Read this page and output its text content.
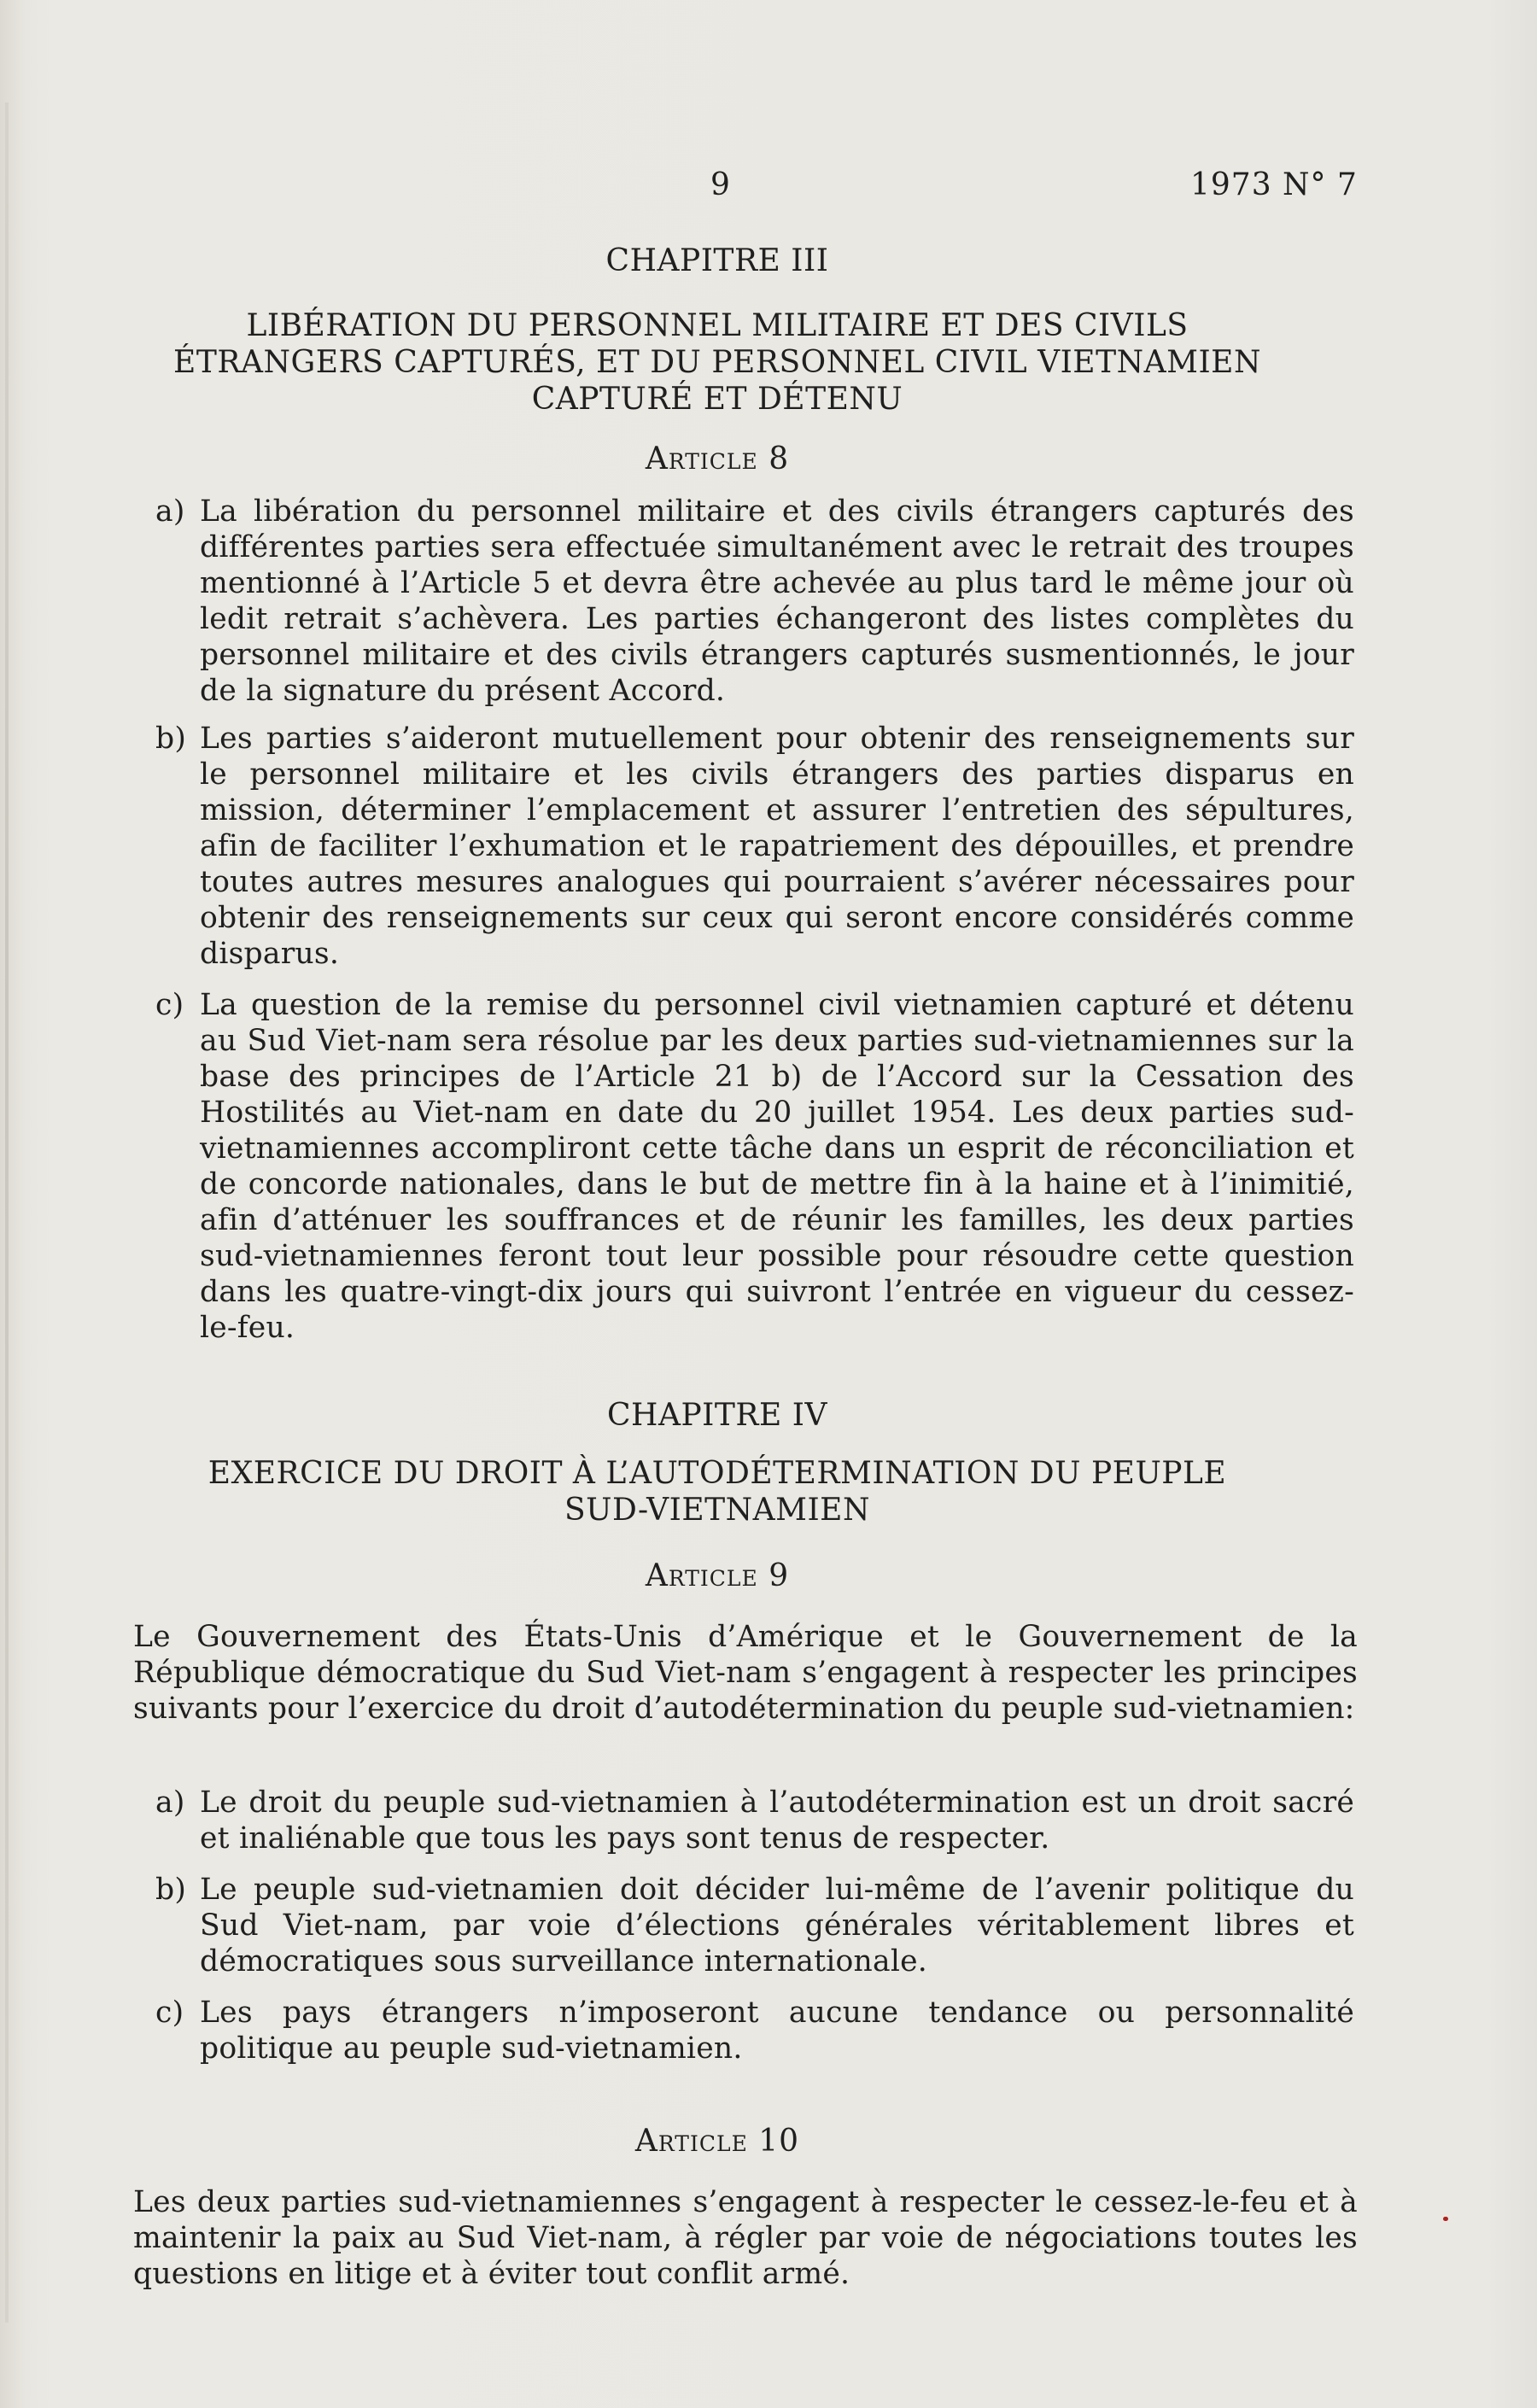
9	1973 N° 7
CHAPITRE III
LIBÉRATION DU PERSONNEL MILITAIRE ET DES CIVILS
ÉTRANGERS CAPTURÉS, ET DU PERSONNEL CIVIL VIETNAMIEN
CAPTURÉ ET DÉTENU
Article 8
a) La libération du personnel militaire et des civils étrangers capturés des différentes parties sera effectuée simultanément avec le retrait des troupes mentionné à l’Article 5 et devra être achevée au plus tard le même jour où ledit retrait s’achèvera. Les parties échangeront des listes complètes du personnel militaire et des civils étrangers capturés susmentionnés, le jour de la signature du présent Accord.
b) Les parties s’aideront mutuellement pour obtenir des renseignements sur le personnel militaire et les civils étrangers des parties disparus en mission, déterminer l’emplacement et assurer l’entretien des sépultures, afin de faciliter l’exhumation et le rapatriement des dépouilles, et prendre toutes autres mesures analogues qui pourraient s’avérer nécessaires pour obtenir des renseignements sur ceux qui seront encore considérés comme disparus.
c) La question de la remise du personnel civil vietnamien capturé et détenu au Sud Viet-nam sera résolue par les deux parties sud-vietnamiennes sur la base des principes de l’Article 21 b) de l’Accord sur la Cessation des Hostilités au Viet-nam en date du 20 juillet 1954. Les deux parties sud-vietnamiennes accompliront cette tâche dans un esprit de réconciliation et de concorde nationales, dans le but de mettre fin à la haine et à l’inimitié, afin d’atténuer les souffrances et de réunir les familles, les deux parties sud-vietnamiennes feront tout leur possible pour résoudre cette question dans les quatre-vingt-dix jours qui suivront l’entrée en vigueur du cessez-le-feu.
CHAPITRE IV
EXERCICE DU DROIT À L’AUTODÉTERMINATION DU PEUPLE
SUD-VIETNAMIEN
Article 9
Le Gouvernement des États-Unis d’Amérique et le Gouvernement de la République démocratique du Sud Viet-nam s’engagent à respecter les principes suivants pour l’exercice du droit d’autodétermination du peuple sud-vietnamien:
a) Le droit du peuple sud-vietnamien à l’autodétermination est un droit sacré et inaliénable que tous les pays sont tenus de respecter.
b) Le peuple sud-vietnamien doit décider lui-même de l’avenir politique du Sud Viet-nam, par voie d’élections générales véritablement libres et démocratiques sous surveillance internationale.
c) Les pays étrangers n’imposeront aucune tendance ou personnalité politique au peuple sud-vietnamien.
Article 10
Les deux parties sud-vietnamiennes s’engagent à respecter le cessez-le-feu et à maintenir la paix au Sud Viet-nam, à régler par voie de négociations toutes les questions en litige et à éviter tout conflit armé.
